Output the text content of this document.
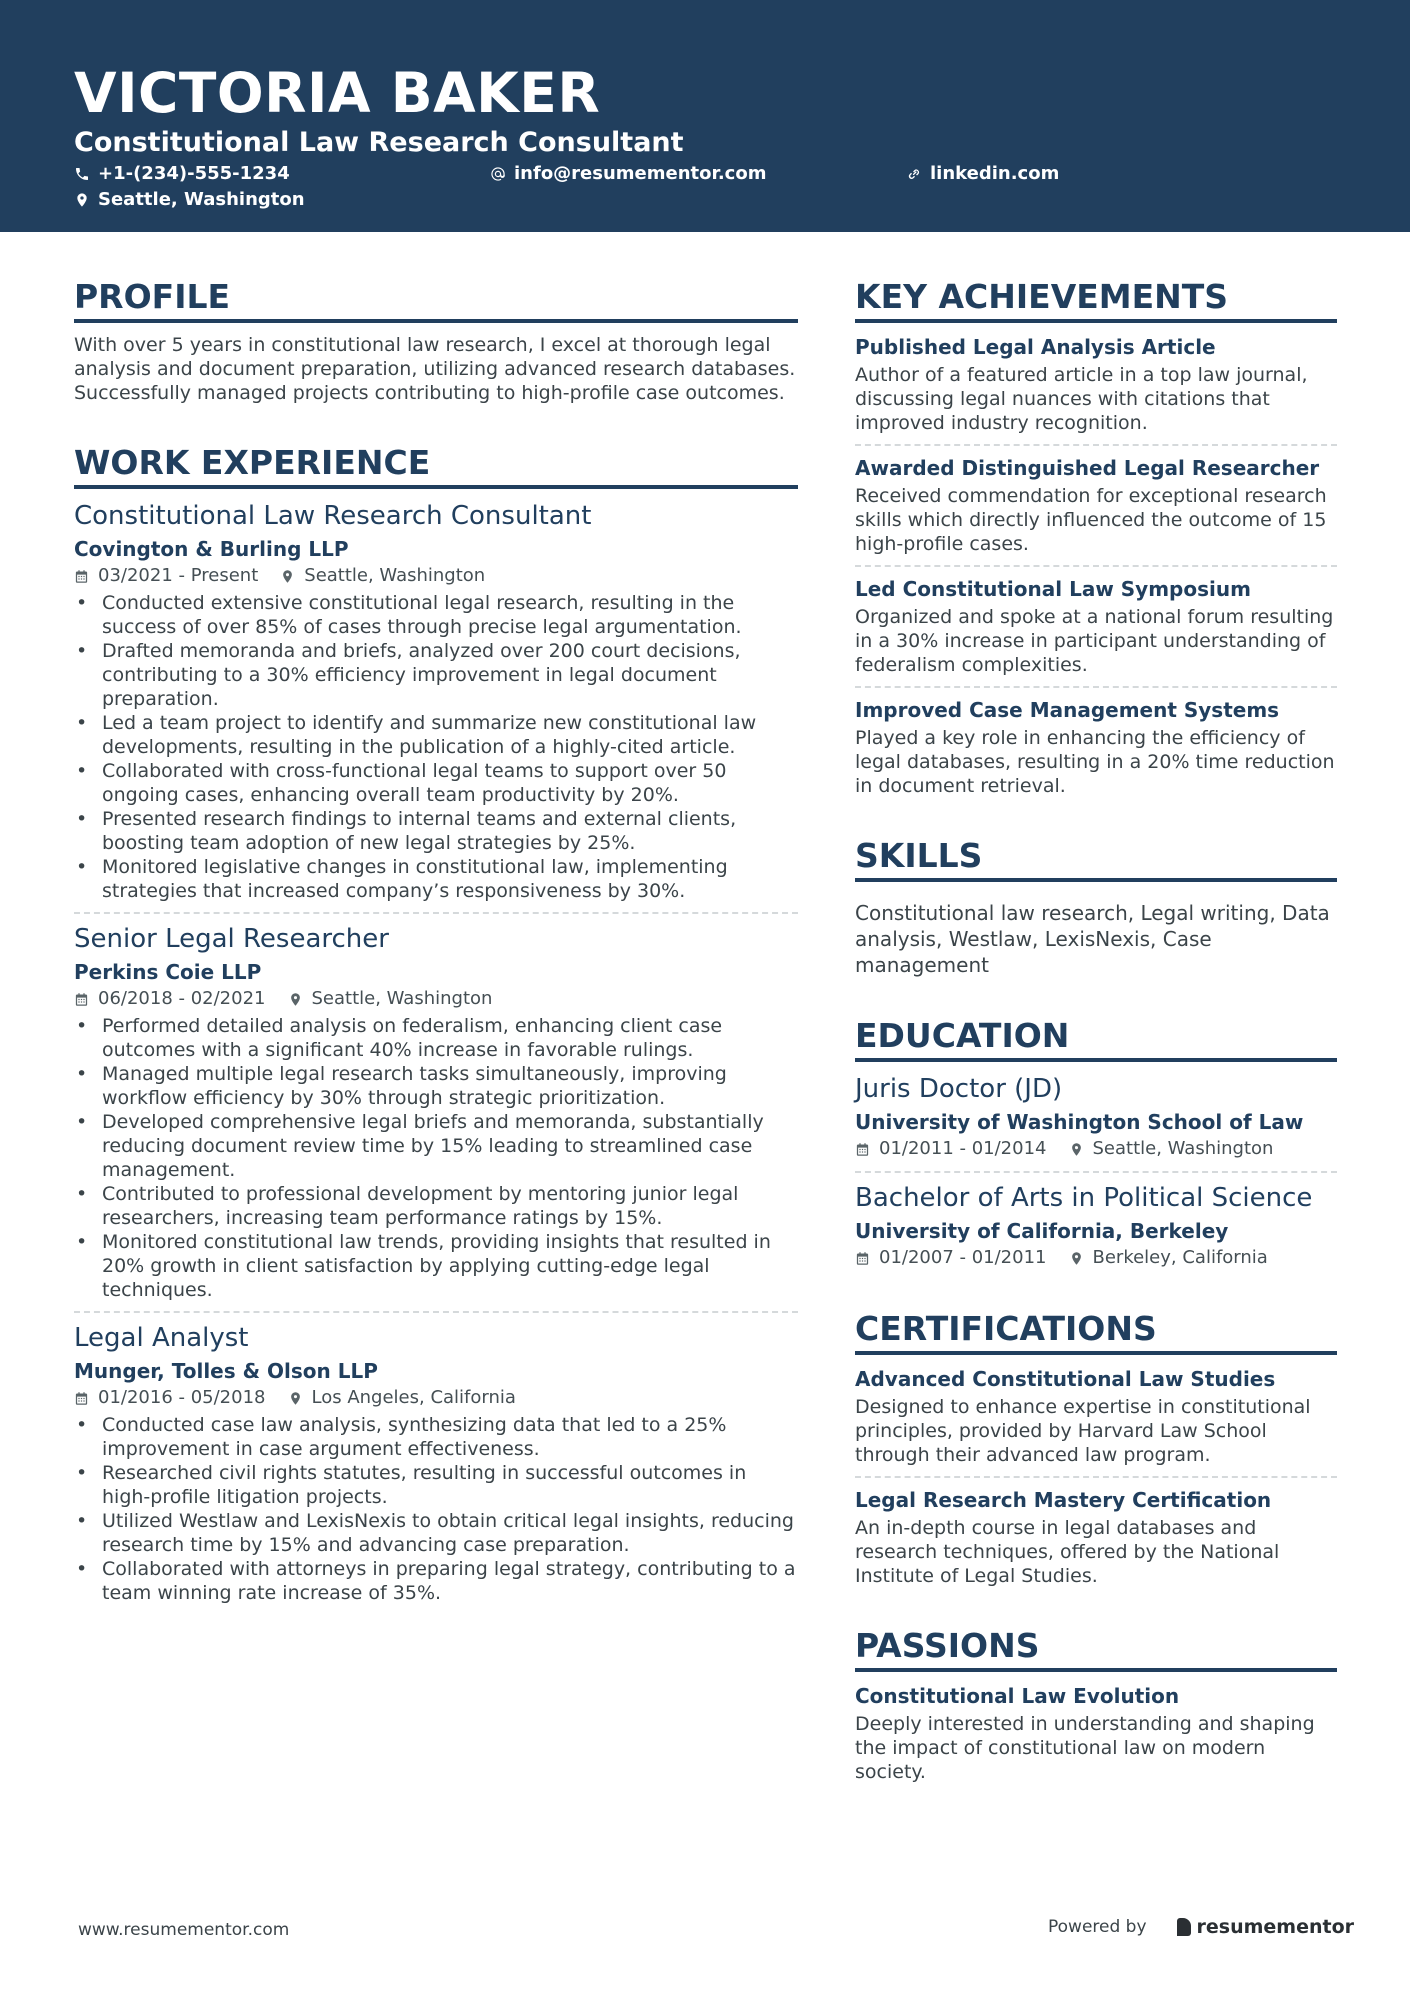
VICTORIA BAKER
Constitutional Law Research Consultant
+1-(234)-555-1234	info@resumementor.com	linkedin.com
Seattle, Washington
PROFILE
With over 5 years in constitutional law research, I excel at thorough legal analysis and document preparation, utilizing advanced research databases. Successfully managed projects contributing to high-profile case outcomes.
WORK EXPERIENCE
Constitutional Law Research Consultant
Covington & Burling LLP
03/2021 - Present	Seattle, Washington
• Conducted extensive constitutional legal research, resulting in the success of over 85% of cases through precise legal argumentation.
• Drafted memoranda and briefs, analyzed over 200 court decisions, contributing to a 30% efficiency improvement in legal document preparation.
• Led a team project to identify and summarize new constitutional law developments, resulting in the publication of a highly-cited article.
• Collaborated with cross-functional legal teams to support over 50 ongoing cases, enhancing overall team productivity by 20%.
• Presented research findings to internal teams and external clients, boosting team adoption of new legal strategies by 25%.
• Monitored legislative changes in constitutional law, implementing strategies that increased company’s responsiveness by 30%.
Senior Legal Researcher
Perkins Coie LLP
06/2018 - 02/2021	Seattle, Washington
• Performed detailed analysis on federalism, enhancing client case outcomes with a significant 40% increase in favorable rulings.
• Managed multiple legal research tasks simultaneously, improving workflow efficiency by 30% through strategic prioritization.
• Developed comprehensive legal briefs and memoranda, substantially reducing document review time by 15% leading to streamlined case management.
• Contributed to professional development by mentoring junior legal researchers, increasing team performance ratings by 15%.
• Monitored constitutional law trends, providing insights that resulted in 20% growth in client satisfaction by applying cutting-edge legal techniques.
Legal Analyst
Munger, Tolles & Olson LLP
01/2016 - 05/2018	Los Angeles, California
• Conducted case law analysis, synthesizing data that led to a 25% improvement in case argument effectiveness.
• Researched civil rights statutes, resulting in successful outcomes in high-profile litigation projects.
• Utilized Westlaw and LexisNexis to obtain critical legal insights, reducing research time by 15% and advancing case preparation.
• Collaborated with attorneys in preparing legal strategy, contributing to a team winning rate increase of 35%.
KEY ACHIEVEMENTS
Published Legal Analysis Article
Author of a featured article in a top law journal, discussing legal nuances with citations that improved industry recognition.
Awarded Distinguished Legal Researcher
Received commendation for exceptional research skills which directly influenced the outcome of 15 high-profile cases.
Led Constitutional Law Symposium
Organized and spoke at a national forum resulting in a 30% increase in participant understanding of federalism complexities.
Improved Case Management Systems
Played a key role in enhancing the efficiency of legal databases, resulting in a 20% time reduction in document retrieval.
SKILLS
Constitutional law research, Legal writing, Data analysis, Westlaw, LexisNexis, Case management
EDUCATION
Juris Doctor (JD)
University of Washington School of Law
01/2011 - 01/2014	Seattle, Washington
Bachelor of Arts in Political Science
University of California, Berkeley
01/2007 - 01/2011	Berkeley, California
CERTIFICATIONS
Advanced Constitutional Law Studies
Designed to enhance expertise in constitutional principles, provided by Harvard Law School through their advanced law program.
Legal Research Mastery Certification
An in-depth course in legal databases and research techniques, offered by the National Institute of Legal Studies.
PASSIONS
Constitutional Law Evolution
Deeply interested in understanding and shaping the impact of constitutional law on modern society.
www.resumementor.com	Powered by	resumementor
